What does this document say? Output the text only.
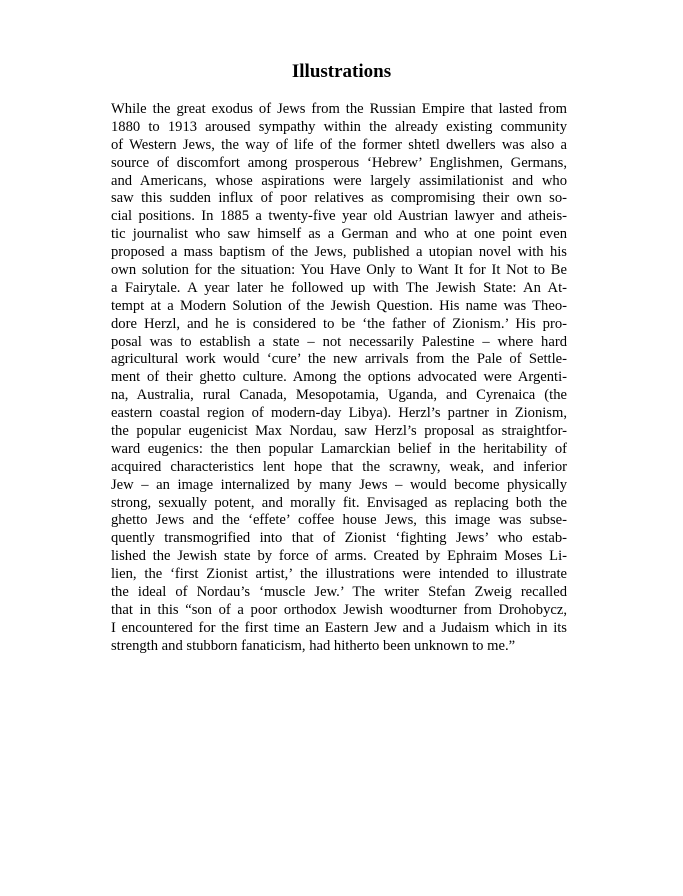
Illustrations
While the great exodus of Jews from the Russian Empire that lasted from
1880 to 1913 aroused sympathy within the already existing community
of Western Jews, the way of life of the former shtetl dwellers was also a
source of discomfort among prosperous ‘Hebrew’ Englishmen, Germans,
and Americans, whose aspirations were largely assimilationist and who
saw this sudden influx of poor relatives as compromising their own so-
cial positions. In 1885 a twenty-five year old Austrian lawyer and atheis-
tic journalist who saw himself as a German and who at one point even
proposed a mass baptism of the Jews, published a utopian novel with his
own solution for the situation: You Have Only to Want It for It Not to Be
a Fairytale. A year later he followed up with The Jewish State: An At-
tempt at a Modern Solution of the Jewish Question. His name was Theo-
dore Herzl, and he is considered to be ‘the father of Zionism.’ His pro-
posal was to establish a state – not necessarily Palestine – where hard
agricultural work would ‘cure’ the new arrivals from the Pale of Settle-
ment of their ghetto culture. Among the options advocated were Argenti-
na, Australia, rural Canada, Mesopotamia, Uganda, and Cyrenaica (the
eastern coastal region of modern-day Libya). Herzl’s partner in Zionism,
the popular eugenicist Max Nordau, saw Herzl’s proposal as straightfor-
ward eugenics: the then popular Lamarckian belief in the heritability of
acquired characteristics lent hope that the scrawny, weak, and inferior
Jew – an image internalized by many Jews – would become physically
strong, sexually potent, and morally fit. Envisaged as replacing both the
ghetto Jews and the ‘effete’ coffee house Jews, this image was subse-
quently transmogrified into that of Zionist ‘fighting Jews’ who estab-
lished the Jewish state by force of arms. Created by Ephraim Moses Li-
lien, the ‘first Zionist artist,’ the illustrations were intended to illustrate
the ideal of Nordau’s ‘muscle Jew.’ The writer Stefan Zweig recalled
that in this “son of a poor orthodox Jewish woodturner from Drohobycz,
I encountered for the first time an Eastern Jew and a Judaism which in its
strength and stubborn fanaticism, had hitherto been unknown to me.”
